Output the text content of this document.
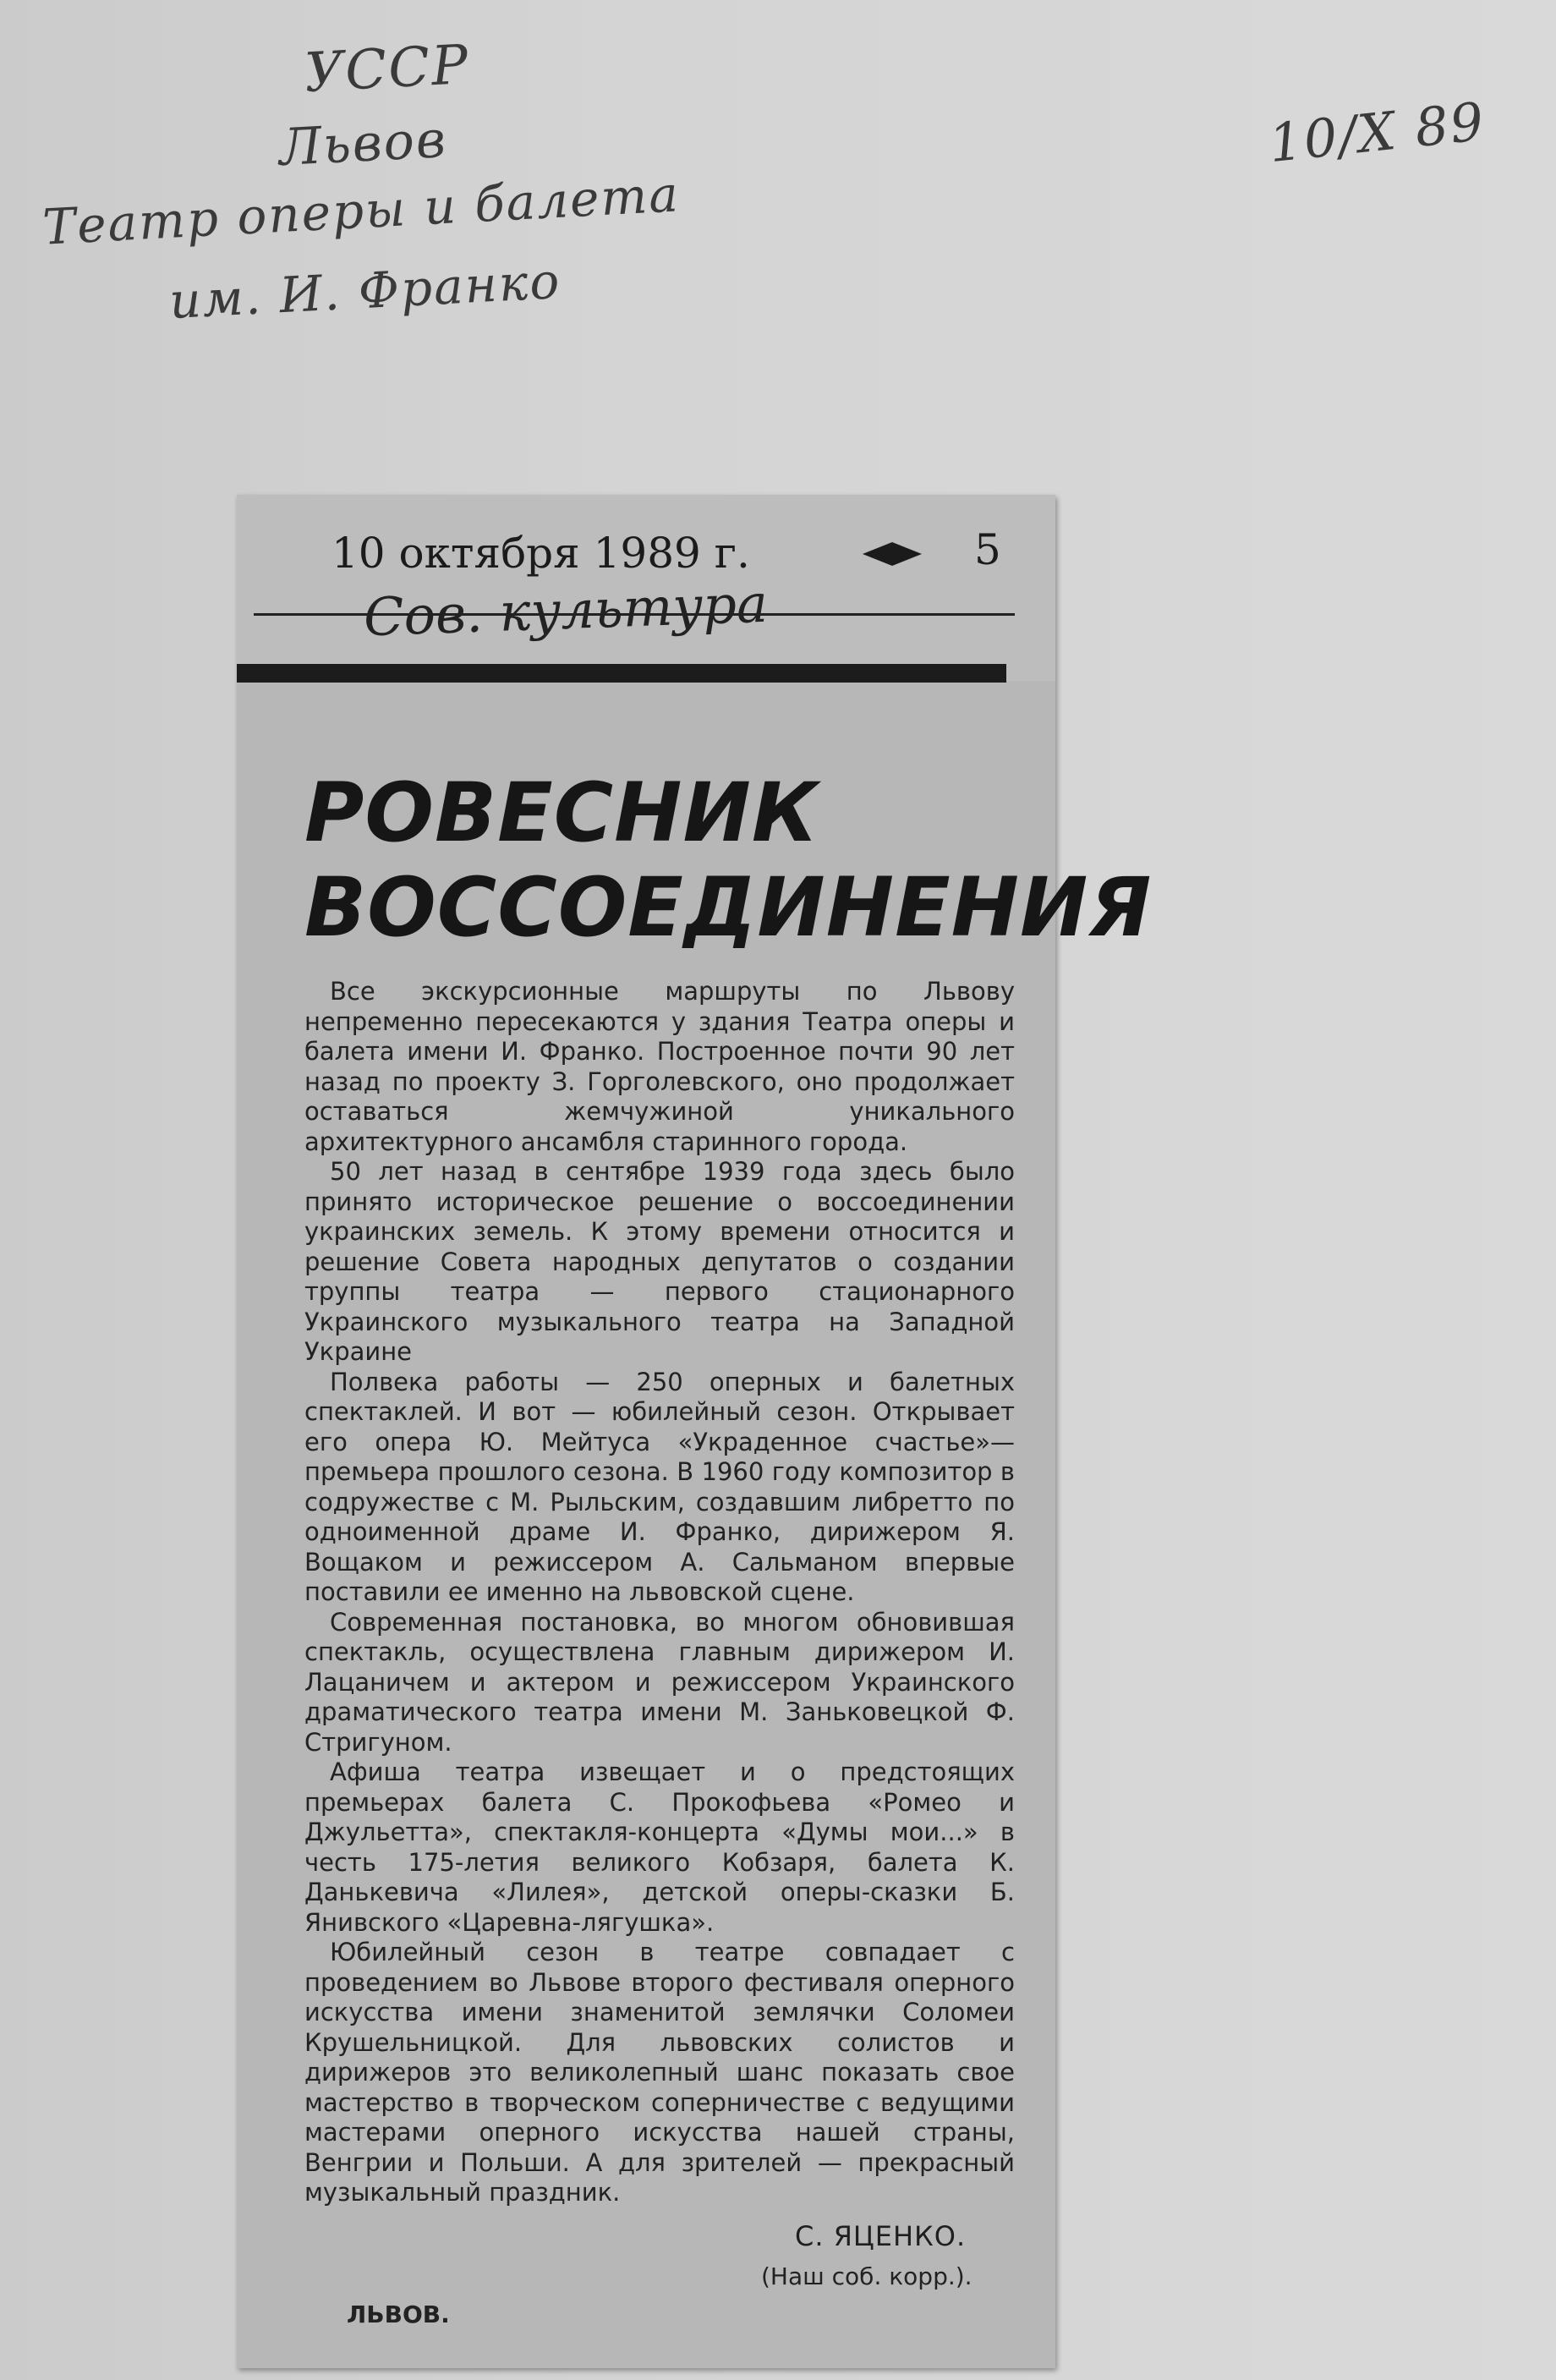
УССР
Львов
Театр оперы и балета
им. И. Франко
10/X 89
10 октября 1989 г.	5
Сов. культура
РОВЕСНИК
ВОССОЕДИНЕНИЯ

Все экскурсионные маршруты по Львову непременно пересекаются у здания Театра оперы и балета имени И. Франко. Построенное почти 90 лет назад по проекту З. Горголевского, оно продолжает оставаться жемчужиной уникального архитектурного ансамбля старинного города.

50 лет назад в сентябре 1939 года здесь было принято историческое решение о воссоединении украинских земель. К этому времени относится и решение Совета народных депутатов о создании труппы театра — первого стационарного Украинского музыкального театра на Западной Украине

Полвека работы — 250 оперных и балетных спектаклей. И вот — юбилейный сезон. Открывает его опера Ю. Мейтуса «Украденное счастье»— премьера прошлого сезона. В 1960 году композитор в содружестве с М. Рыльским, создавшим либретто по одноименной драме И. Франко, дирижером Я. Вощаком и режиссером А. Сальманом впервые поставили ее именно на львовской сцене.

Современная постановка, во многом обновившая спектакль, осуществлена главным дирижером И. Лацаничем и актером и режиссером Украинского драматического театра имени М. Заньковецкой Ф. Стригуном.

Афиша театра извещает и о предстоящих премьерах балета С. Прокофьева «Ромео и Джульетта», спектакля-концерта «Думы мои...» в честь 175-летия великого Кобзаря, балета К. Данькевича «Лилея», детской оперы-сказки Б. Янивского «Царевна-лягушка».

Юбилейный сезон в театре совпадает с проведением во Львове второго фестиваля оперного искусства имени знаменитой землячки Соломеи Крушельницкой. Для львовских солистов и дирижеров это великолепный шанс показать свое мастерство в творческом соперничестве с ведущими мастерами оперного искусства нашей страны, Венгрии и Польши. А для зрителей — прекрасный музыкальный праздник.

С. ЯЦЕНКО.
(Наш соб. корр.).
ЛЬВОВ.
